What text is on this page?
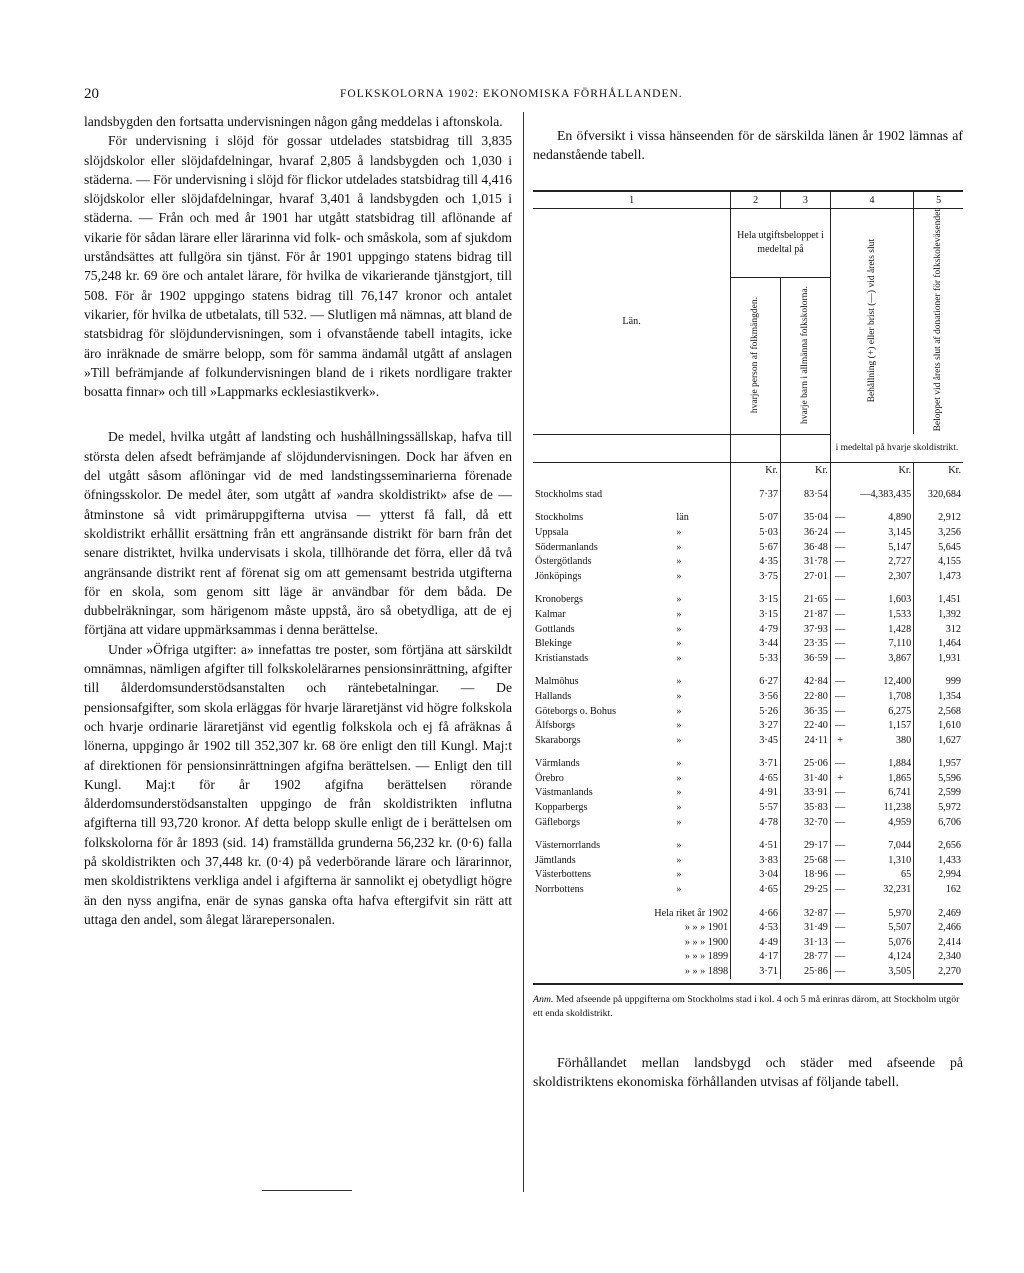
20	FOLKSKOLORNA 1902: EKONOMISKA FÖRHÅLLANDEN.

landsbygden den fortsatta undervisningen någon gång meddelas i aftonskola.

För undervisning i slöjd för gossar utdelades statsbidrag till 3,835 slöjdskolor eller slöjdafdelningar, hvaraf 2,805 å landsbygden och 1,030 i städerna. — För undervisning i slöjd för flickor utdelades statsbidrag till 4,416 slöjdskolor eller slöjdafdelningar, hvaraf 3,401 å landsbygden och 1,015 i städerna. — Från och med år 1901 har utgått statsbidrag till aflönande af vikarie för sådan lärare eller lärarinna vid folk- och småskola, som af sjukdom urståndsättes att fullgöra sin tjänst. För år 1901 uppgingo statens bidrag till 75,248 kr. 69 öre och antalet lärare, för hvilka de vikarierande tjänstgjort, till 508. För år 1902 uppgingo statens bidrag till 76,147 kronor och antalet vikarier, för hvilka de utbetalats, till 532. — Slutligen må nämnas, att bland de statsbidrag för slöjdundervisningen, som i ofvanstående tabell intagits, icke äro inräknade de smärre belopp, som för samma ändamål utgått af anslagen »Till befrämjande af folkundervisningen bland de i rikets nordligare trakter bosatta finnar» och till »Lappmarks ecklesiastikverk».

De medel, hvilka utgått af landsting och hushållningssällskap, hafva till största delen afsedt befrämjande af slöjdundervisningen. Dock har äfven en del utgått såsom aflöningar vid de med landstingsseminarierna förenade öfningsskolor. De medel åter, som utgått af »andra skoldistrikt» afse de — åtminstone så vidt primäruppgifterna utvisa — ytterst få fall, då ett skoldistrikt erhållit ersättning från ett angränsande distrikt för barn från det senare distriktet, hvilka undervisats i skola, tillhörande det förra, eller då två angränsande distrikt rent af förenat sig om att gemensamt bestrida utgifterna för en skola, som genom sitt läge är användbar för dem båda. De dubbelräkningar, som härigenom måste uppstå, äro så obetydliga, att de ej förtjäna att vidare uppmärksammas i denna berättelse.

Under »Öfriga utgifter: a» innefattas tre poster, som förtjäna att särskildt omnämnas, nämligen afgifter till folkskolelärarnes pensionsinrättning, afgifter till ålderdomsunderstödsanstalten och räntebetalningar. — De pensionsafgifter, som skola erläggas för hvarje läraretjänst vid högre folkskola och hvarje ordinarie läraretjänst vid egentlig folkskola och ej få afräknas å lönerna, uppgingo år 1902 till 352,307 kr. 68 öre enligt den till Kungl. Maj:t af direktionen för pensionsinrättningen afgifna berättelsen. — Enligt den till Kungl. Maj:t för år 1902 afgifna berättelsen rörande ålderdomsunderstödsanstalten uppgingo de från skoldistrikten influtna afgifterna till 93,720 kronor. Af detta belopp skulle enligt de i berättelsen om folkskolorna för år 1893 (sid. 14) framställda grunderna 56,232 kr. (0·6) falla på skoldistrikten och 37,448 kr. (0·4) på vederbörande lärare och lärarinnor, men skoldistriktens verkliga andel i afgifterna är sannolikt ej obetydligt högre än den nyss angifna, enär de synas ganska ofta hafva eftergifvit sin rätt att uttaga den andel, som ålegat lärarepersonalen.

En öfversikt i vissa hänseenden för de särskilda länen år 1902 lämnas af nedanstående tabell.

1		2	3	4		5
Län.		Hela utgiftsbeloppet i medeltal på		Behållning (+) eller brist (—) vid årets slut		Beloppet vid årets slut af donationer för folkskoleväsendet
		hvarje person af folkmängden.	hvarje barn i allmänna folkskolorna.			
				i medeltal på hvarje skoldistrikt.		
		Kr.	Kr.	Kr.		Kr.

Stockholms stad		7·37	83·54		—4,383,435	320,684

Stockholms	län	5·07	35·04	—	4,890	2,912
Uppsala	»	5·03	36·24	—	3,145	3,256
Södermanlands	»	5·67	36·48	—	5,147	5,645
Östergötlands	»	4·35	31·78	—	2,727	4,155
Jönköpings	»	3·75	27·01	—	2,307	1,473

Kronobergs	»	3·15	21·65	—	1,603	1,451
Kalmar	»	3·15	21·87	—	1,533	1,392
Gottlands	»	4·79	37·93	—	1,428	312
Blekinge	»	3·44	23·35	—	7,110	1,464
Kristianstads	»	5·33	36·59	—	3,867	1,931

Malmöhus	»	6·27	42·84	—	12,400	999
Hallands	»	3·56	22·80	—	1,708	1,354
Göteborgs o. Bohus	»	5·26	36·35	—	6,275	2,568
Älfsborgs	»	3·27	22·40	—	1,157	1,610
Skaraborgs	»	3·45	24·11	+	380	1,627

Värmlands	»	3·71	25·06	—	1,884	1,957
Örebro	»	4·65	31·40	+	1,865	5,596
Västmanlands	»	4·91	33·91	—	6,741	2,599
Kopparbergs	»	5·57	35·83	—	11,238	5,972
Gäfleborgs	»	4·78	32·70	—	4,959	6,706

Västernorrlands	»	4·51	29·17	—	7,044	2,656
Jämtlands	»	3·83	25·68	—	1,310	1,433
Västerbottens	»	3·04	18·96	—	65	2,994
Norrbottens	»	4·65	29·25	—	32,231	162

Hela riket år 1902		4·66	32·87	—	5,970	2,469
» » » 1901		4·53	31·49	—	5,507	2,466
» » » 1900		4·49	31·13	—	5,076	2,414
» » » 1899		4·17	28·77	—	4,124	2,340
» » » 1898		3·71	25·86	—	3,505	2,270

Anm. Med afseende på uppgifterna om Stockholms stad i kol. 4 och 5 må erinras därom, att Stockholm utgör ett enda skoldistrikt.

Förhållandet mellan landsbygd och städer med afseende på skoldistriktens ekonomiska förhållanden utvisas af följande tabell.
